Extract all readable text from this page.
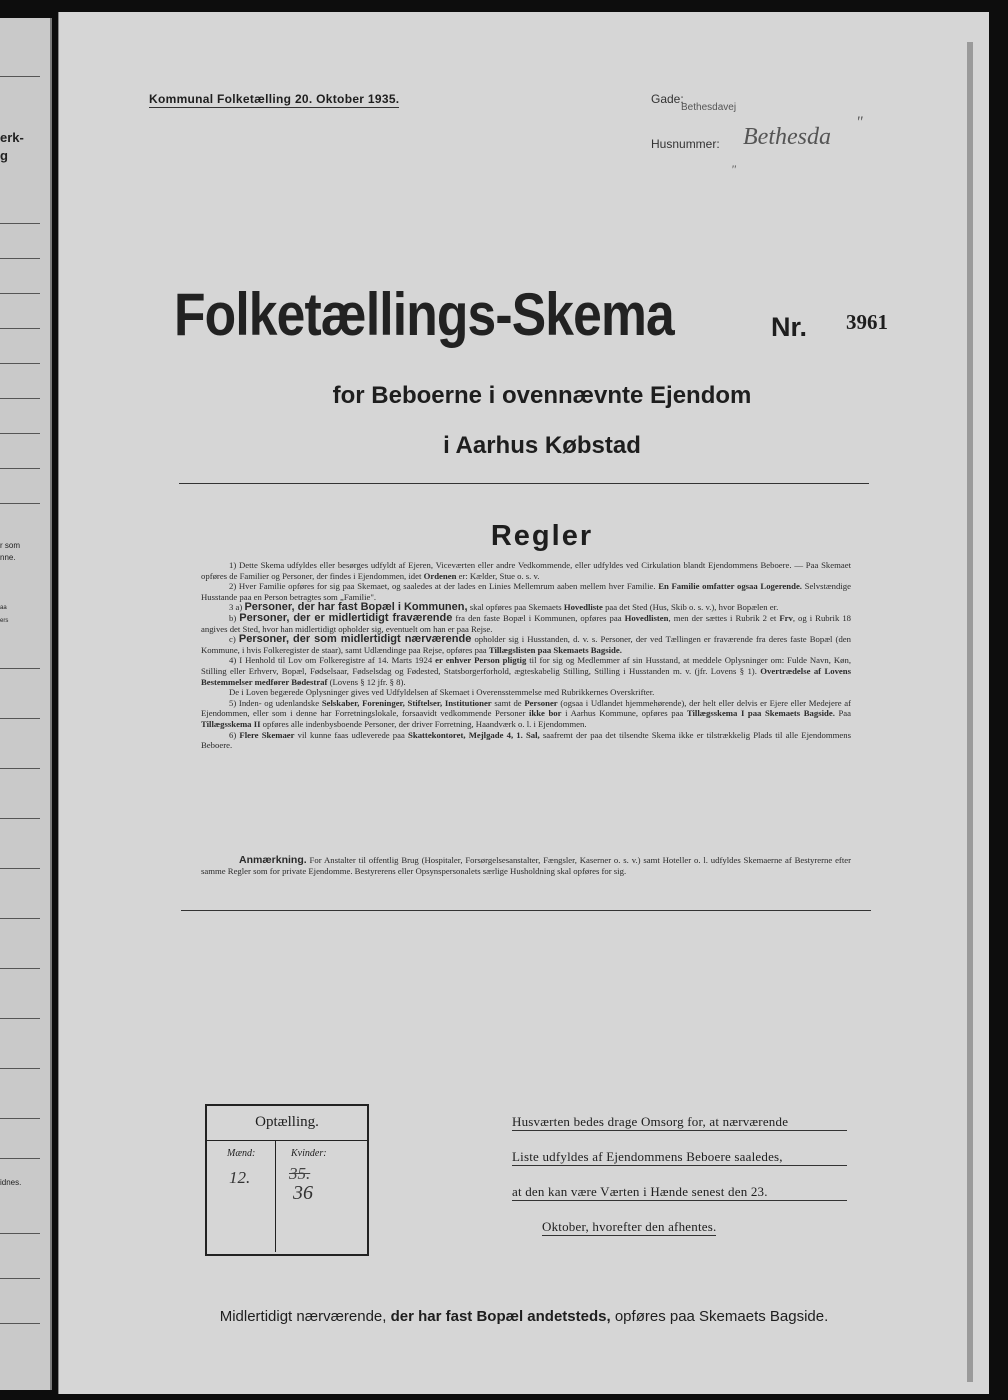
erk-
g
r som
nne.
aa
ers
idnes.
Kommunal Folketælling 20. Oktober 1935.	Gade:
Bethesdavej
Husnummer: Bethesda
"
"
Folketællings-Skema	Nr. 3961
for Beboerne i ovennævnte Ejendom
i Aarhus Købstad
Regler

1) Dette Skema udfyldes eller besørges udfyldt af Ejeren, Viceværten eller andre Vedkommende, eller udfyldes ved Cirkulation blandt Ejendommens Beboere. — Paa Skemaet opføres de Familier og Personer, der findes i Ejendommen, idet Ordenen er: Kælder, Stue o. s. v.

2) Hver Familie opføres for sig paa Skemaet, og saaledes at der lades en Linies Mellemrum aaben mellem hver Familie. En Familie omfatter ogsaa Logerende. Selvstændige Husstande paa en Person betragtes som „Familie".

3 a) Personer, der har fast Bopæl i Kommunen, skal opføres paa Skemaets Hovedliste paa det Sted (Hus, Skib o. s. v.), hvor Bopælen er.

b) Personer, der er midlertidigt fraværende fra den faste Bopæl i Kommunen, opføres paa Hovedlisten, men der sættes i Rubrik 2 et Frv, og i Rubrik 18 angives det Sted, hvor han midlertidigt opholder sig, eventuelt om han er paa Rejse.

c) Personer, der som midlertidigt nærværende opholder sig i Husstanden, d. v. s. Personer, der ved Tællingen er fraværende fra deres faste Bopæl (den Kommune, i hvis Folkeregister de staar), samt Udlændinge paa Rejse, opføres paa Tillægslisten paa Skemaets Bagside.

4) I Henhold til Lov om Folkeregistre af 14. Marts 1924 er enhver Person pligtig til for sig og Medlemmer af sin Husstand, at meddele Oplysninger om: Fulde Navn, Køn, Stilling eller Erhverv, Bopæl, Fødselsaar, Fødselsdag og Fødested, Statsborgerforhold, ægteskabelig Stilling, Stilling i Husstanden m. v. (jfr. Lovens § 1). Overtrædelse af Lovens Bestemmelser medfører Bødestraf (Lovens § 12 jfr. § 8).

De i Loven begærede Oplysninger gives ved Udfyldelsen af Skemaet i Overensstemmelse med Rubrikkernes Overskrifter.

5) Inden- og udenlandske Selskaber, Foreninger, Stiftelser, Institutioner samt de Personer (ogsaa i Udlandet hjemmehørende), der helt eller delvis er Ejere eller Medejere af Ejendommen, eller som i denne har Forretningslokale, forsaavidt vedkommende Personer ikke bor i Aarhus Kommune, opføres paa Tillægsskema I paa Skemaets Bagside. Paa Tillægsskema II opføres alle indenbysboende Personer, der driver Forretning, Haandværk o. l. i Ejendommen.

6) Flere Skemaer vil kunne faas udleverede paa Skattekontoret, Mejlgade 4, 1. Sal, saafremt der paa det tilsendte Skema ikke er tilstrækkelig Plads til alle Ejendommens Beboere.

Anmærkning. For Anstalter til offentlig Brug (Hospitaler, Forsørgelsesanstalter, Fængsler, Kaserner o. s. v.) samt Hoteller o. l. udfyldes Skemaerne af Bestyrerne efter samme Regler som for private Ejendomme. Bestyrerens eller Opsynspersonalets særlige Husholdning skal opføres for sig.

Optælling.
Mænd:	Kvinder:
12. 35.
36
Husværten bedes drage Omsorg for, at nærværende
Liste udfyldes af Ejendommens Beboere saaledes,
at den kan være Værten i Hænde senest den 23.
Oktober, hvorefter den afhentes.
Midlertidigt nærværende, der har fast Bopæl andetsteds, opføres paa Skemaets Bagside.
